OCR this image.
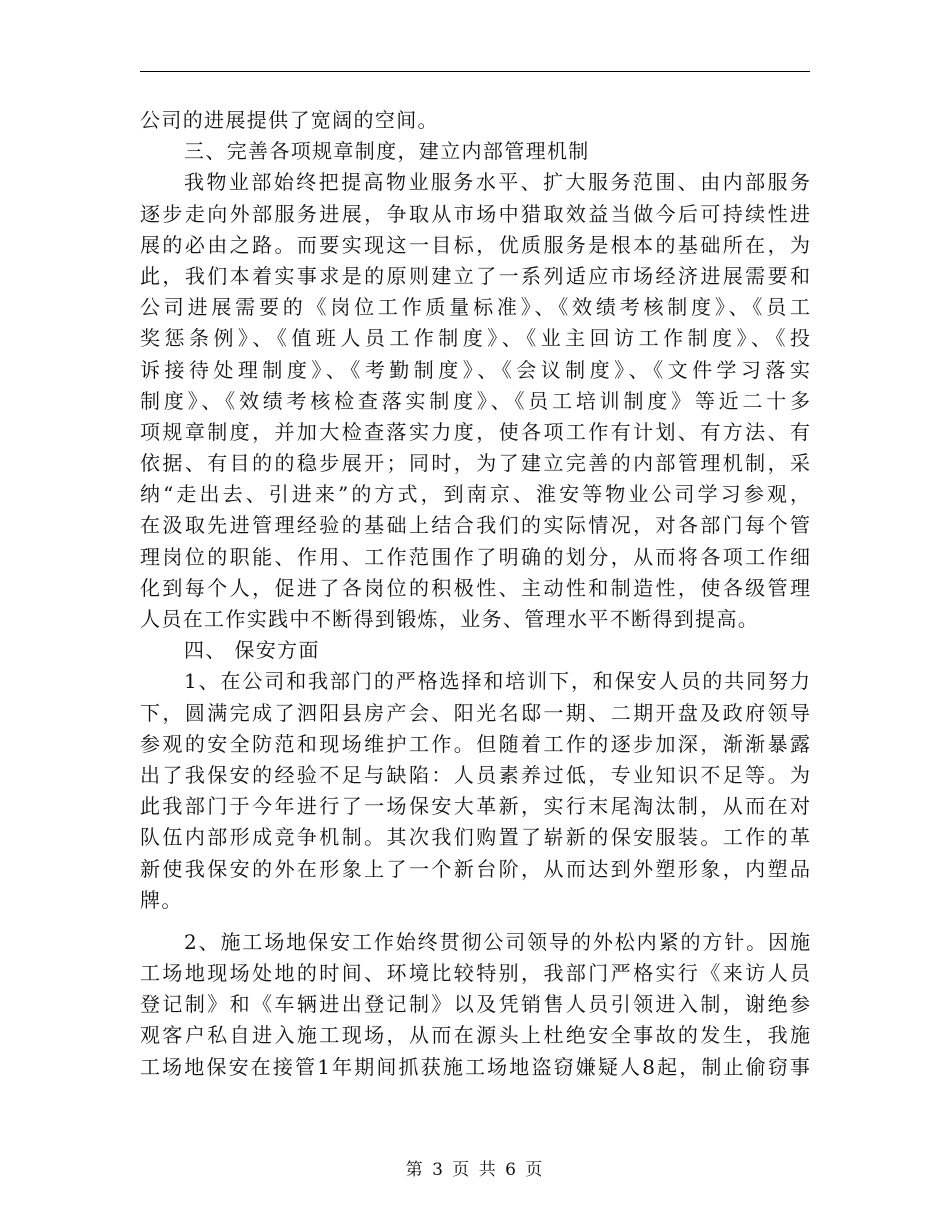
公司的进展提供了宽阔的空间。
三、完善各项规章制度，建立内部管理机制
我物业部始终把提高物业服务水平、扩大服务范围、由内部服务
逐步走向外部服务进展，争取从市场中猎取效益当做今后可持续性进
展的必由之路。而要实现这一目标，优质服务是根本的基础所在，为
此，我们本着实事求是的原则建立了一系列适应市场经济进展需要和
公司进展需要的《岗位工作质量标准》、《效绩考核制度》、《员工
奖惩条例》、《值班人员工作制度》、《业主回访工作制度》、《投
诉接待处理制度》、《考勤制度》、《会议制度》、《文件学习落实
制度》、《效绩考核检查落实制度》、《员工培训制度》等近二十多
项规章制度，并加大检查落实力度，使各项工作有计划、有方法、有
依据、有目的的稳步展开；同时，为了建立完善的内部管理机制，采
纳“走出去、引进来”的方式，到南京、淮安等物业公司学习参观，
在汲取先进管理经验的基础上结合我们的实际情况，对各部门每个管
理岗位的职能、作用、工作范围作了明确的划分，从而将各项工作细
化到每个人，促进了各岗位的积极性、主动性和制造性，使各级管理
人员在工作实践中不断得到锻炼，业务、管理水平不断得到提高。
四、 保安方面
1、在公司和我部门的严格选择和培训下，和保安人员的共同努力
下，圆满完成了泗阳县房产会、阳光名邸一期、二期开盘及政府领导
参观的安全防范和现场维护工作。但随着工作的逐步加深，渐渐暴露
出了我保安的经验不足与缺陷：人员素养过低，专业知识不足等。为
此我部门于今年进行了一场保安大革新，实行末尾淘汰制，从而在对
队伍内部形成竞争机制。其次我们购置了崭新的保安服装。工作的革
新使我保安的外在形象上了一个新台阶，从而达到外塑形象，内塑品
牌。
2、施工场地保安工作始终贯彻公司领导的外松内紧的方针。因施
工场地现场处地的时间、环境比较特别，我部门严格实行《来访人员
登记制》和《车辆进出登记制》以及凭销售人员引领进入制，谢绝参
观客户私自进入施工现场，从而在源头上杜绝安全事故的发生，我施
工场地保安在接管1年期间抓获施工场地盗窃嫌疑人8起，制止偷窃事
第 3 页 共 6 页
